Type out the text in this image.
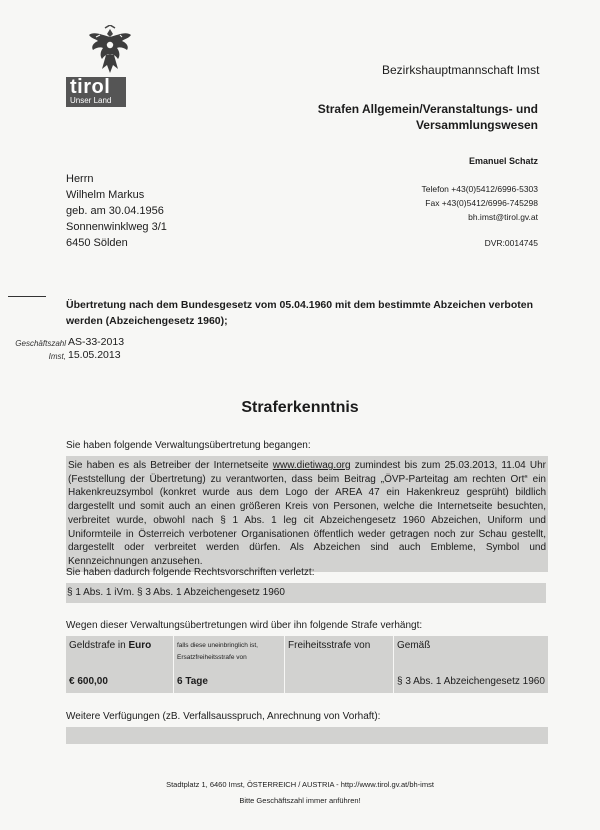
tirol
Unser Land
Bezirkshauptmannschaft Imst
Strafen Allgemein/Veranstaltungs- und
Versammlungswesen
Emanuel Schatz
Telefon +43(0)5412/6996-5303
Fax +43(0)5412/6996-745298
bh.imst@tirol.gv.at
DVR:0014745
Herrn
Wilhelm Markus
geb. am 30.04.1956
Sonnenwinklweg 3/1
6450 Sölden
Übertretung nach dem Bundesgesetz vom 05.04.1960 mit dem bestimmte Abzeichen verboten werden (Abzeichengesetz 1960);
Geschäftszahl AS-33-2013
Imst, 15.05.2013
Straferkenntnis
Sie haben folgende Verwaltungsübertretung begangen:
Sie haben es als Betreiber der Internetseite www.dietiwag.org zumindest bis zum 25.03.2013, 11.04 Uhr (Feststellung der Übertretung) zu verantworten, dass beim Beitrag „ÖVP-Parteitag am rechten Ort“ ein Hakenkreuzsymbol (konkret wurde aus dem Logo der AREA 47 ein Hakenkreuz gesprüht) bildlich dargestellt und somit auch an einen größeren Kreis von Personen, welche die Internetseite besuchten, verbreitet wurde, obwohl nach § 1 Abs. 1 leg cit Abzeichengesetz 1960 Abzeichen, Uniform und Uniformteile in Österreich verbotener Organisationen öffentlich weder getragen noch zur Schau gestellt, dargestellt oder verbreitet werden dürfen. Als Abzeichen sind auch Embleme, Symbol und Kennzeichnungen anzusehen.
Sie haben dadurch folgende Rechtsvorschriften verletzt:
§ 1 Abs. 1 iVm. § 3 Abs. 1 Abzeichengesetz 1960
Wegen dieser Verwaltungsübertretungen wird über ihn folgende Strafe verhängt:
Geldstrafe in Euro
€ 600,00
falls diese uneinbringlich ist,
Ersatzfreiheitsstrafe von
6 Tage
Freiheitsstrafe von	Gemäß
§ 3 Abs. 1 Abzeichengesetz 1960
Weitere Verfügungen (zB. Verfallsausspruch, Anrechnung von Vorhaft):
Stadtplatz 1, 6460 Imst, ÖSTERREICH / AUSTRIA - http://www.tirol.gv.at/bh-imst
Bitte Geschäftszahl immer anführen!
